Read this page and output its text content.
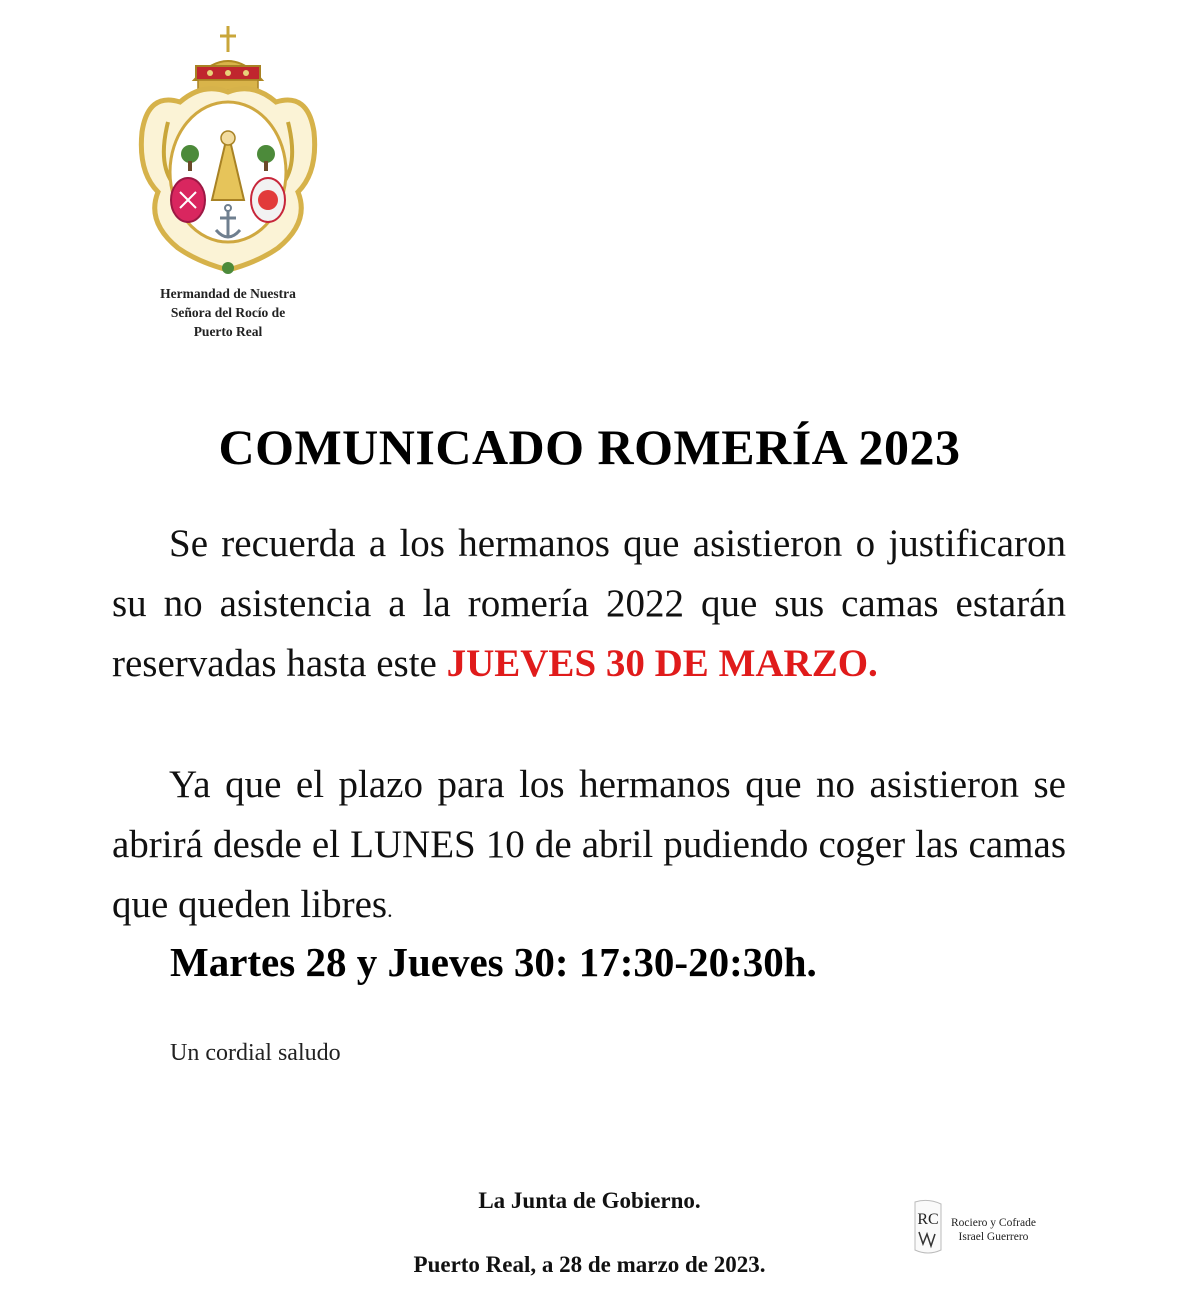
Hermandad de Nuestra
Señora del Rocío de
Puerto Real
COMUNICADO ROMERÍA 2023
Se recuerda a los hermanos que asistieron o justificaron su no asistencia a la romería 2022 que sus camas estarán reservadas hasta este JUEVES 30 DE MARZO.
Ya que el plazo para los hermanos que no asistieron se abrirá desde el LUNES 10 de abril pudiendo coger las camas que queden libres.
Martes 28 y Jueves 30: 17:30-20:30h.
Un cordial saludo
La Junta de Gobierno.
Puerto Real, a 28 de marzo de 2023.
RC Rociero y Cofrade
Israel Guerrero
